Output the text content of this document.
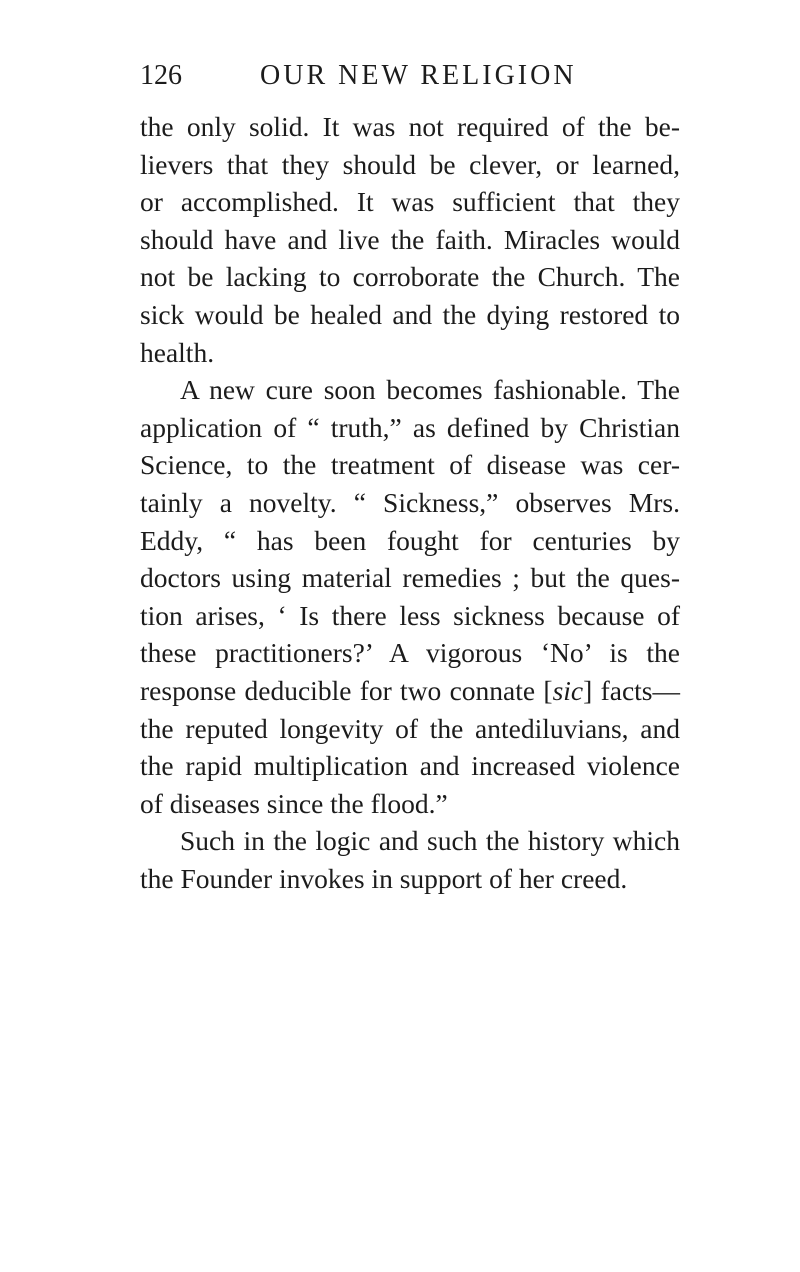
126	OUR NEW RELIGION
the only solid. It was not required of the be-
lievers that they should be clever, or learned,
or accomplished. It was sufficient that they
should have and live the faith. Miracles would
not be lacking to corroborate the Church. The
sick would be healed and the dying restored to
health.
A new cure soon becomes fashionable. The
application of “ truth,” as defined by Christian
Science, to the treatment of disease was cer-
tainly a novelty. “ Sickness,” observes Mrs.
Eddy, “ has been fought for centuries by
doctors using material remedies ; but the ques-
tion arises, ‘ Is there less sickness because of
these practitioners?’ A vigorous ‘No’ is the
response deducible for two connate [sic] facts—
the reputed longevity of the antediluvians, and
the rapid multiplication and increased violence
of diseases since the flood.”
Such in the logic and such the history which
the Founder invokes in support of her creed.
